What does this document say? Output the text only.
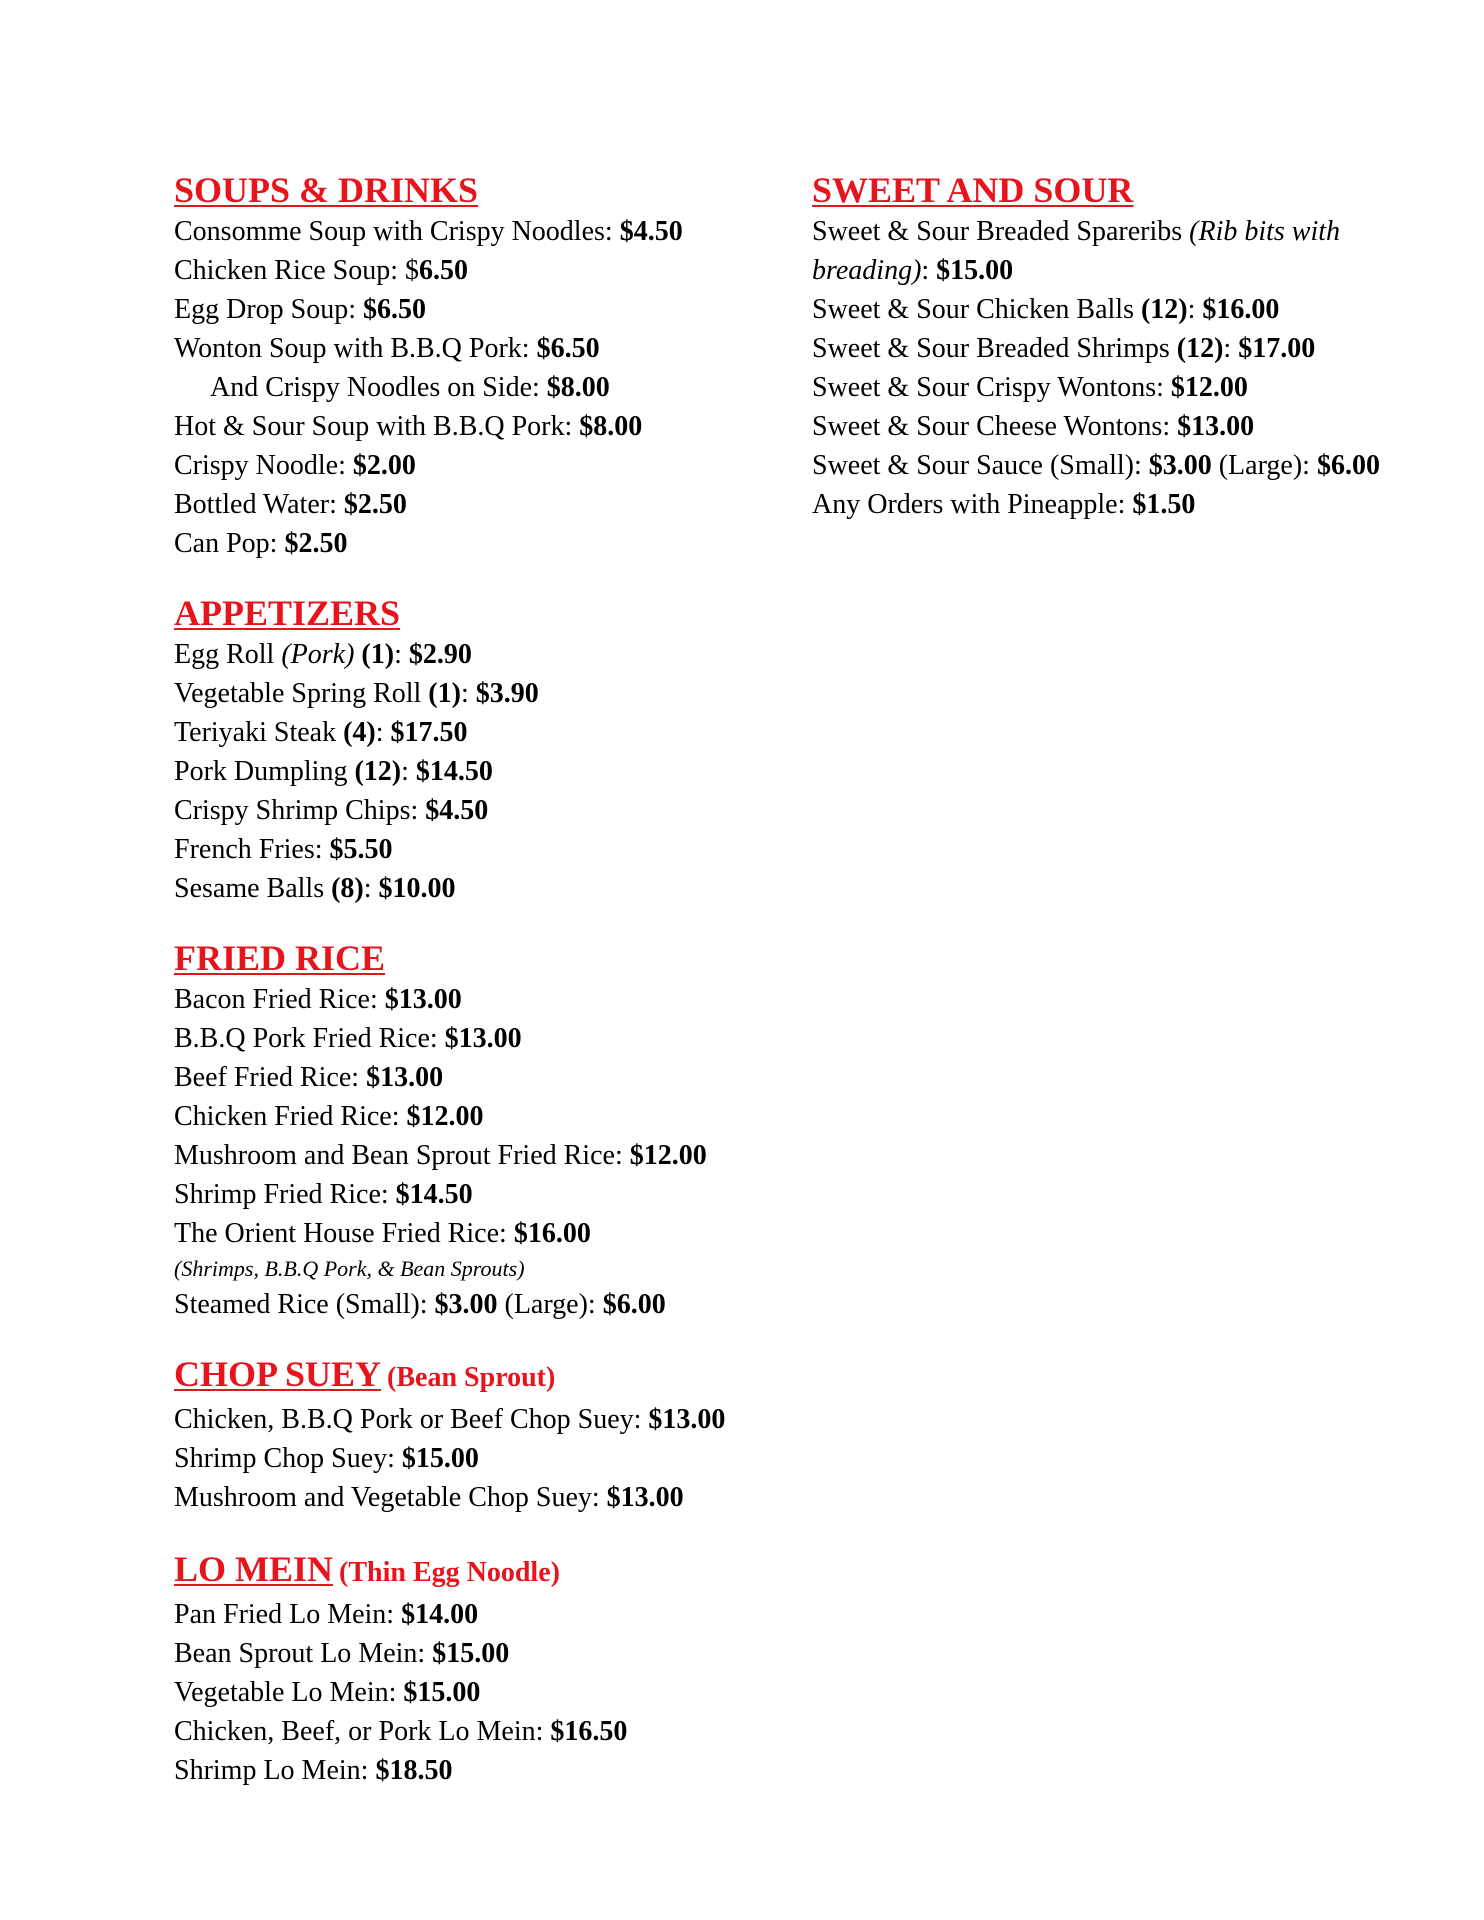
SOUPS & DRINKS
Consomme Soup with Crispy Noodles: $4.50
Chicken Rice Soup: $6.50
Egg Drop Soup: $6.50
Wonton Soup with B.B.Q Pork: $6.50
And Crispy Noodles on Side: $8.00
Hot & Sour Soup with B.B.Q Pork: $8.00
Crispy Noodle: $2.00
Bottled Water: $2.50
Can Pop: $2.50
APPETIZERS
Egg Roll (Pork) (1): $2.90
Vegetable Spring Roll (1): $3.90
Teriyaki Steak (4): $17.50
Pork Dumpling (12): $14.50
Crispy Shrimp Chips: $4.50
French Fries: $5.50
Sesame Balls (8): $10.00
FRIED RICE
Bacon Fried Rice: $13.00
B.B.Q Pork Fried Rice: $13.00
Beef Fried Rice: $13.00
Chicken Fried Rice: $12.00
Mushroom and Bean Sprout Fried Rice: $12.00
Shrimp Fried Rice: $14.50
The Orient House Fried Rice: $16.00
(Shrimps, B.B.Q Pork, & Bean Sprouts)
Steamed Rice (Small): $3.00 (Large): $6.00
CHOP SUEY (Bean Sprout)
Chicken, B.B.Q Pork or Beef Chop Suey: $13.00
Shrimp Chop Suey: $15.00
Mushroom and Vegetable Chop Suey: $13.00
LO MEIN (Thin Egg Noodle)
Pan Fried Lo Mein: $14.00
Bean Sprout Lo Mein: $15.00
Vegetable Lo Mein: $15.00
Chicken, Beef, or Pork Lo Mein: $16.50
Shrimp Lo Mein: $18.50
SWEET AND SOUR
Sweet & Sour Breaded Spareribs (Rib bits with
breading): $15.00
Sweet & Sour Chicken Balls (12): $16.00
Sweet & Sour Breaded Shrimps (12): $17.00
Sweet & Sour Crispy Wontons: $12.00
Sweet & Sour Cheese Wontons: $13.00
Sweet & Sour Sauce (Small): $3.00 (Large): $6.00
Any Orders with Pineapple: $1.50
